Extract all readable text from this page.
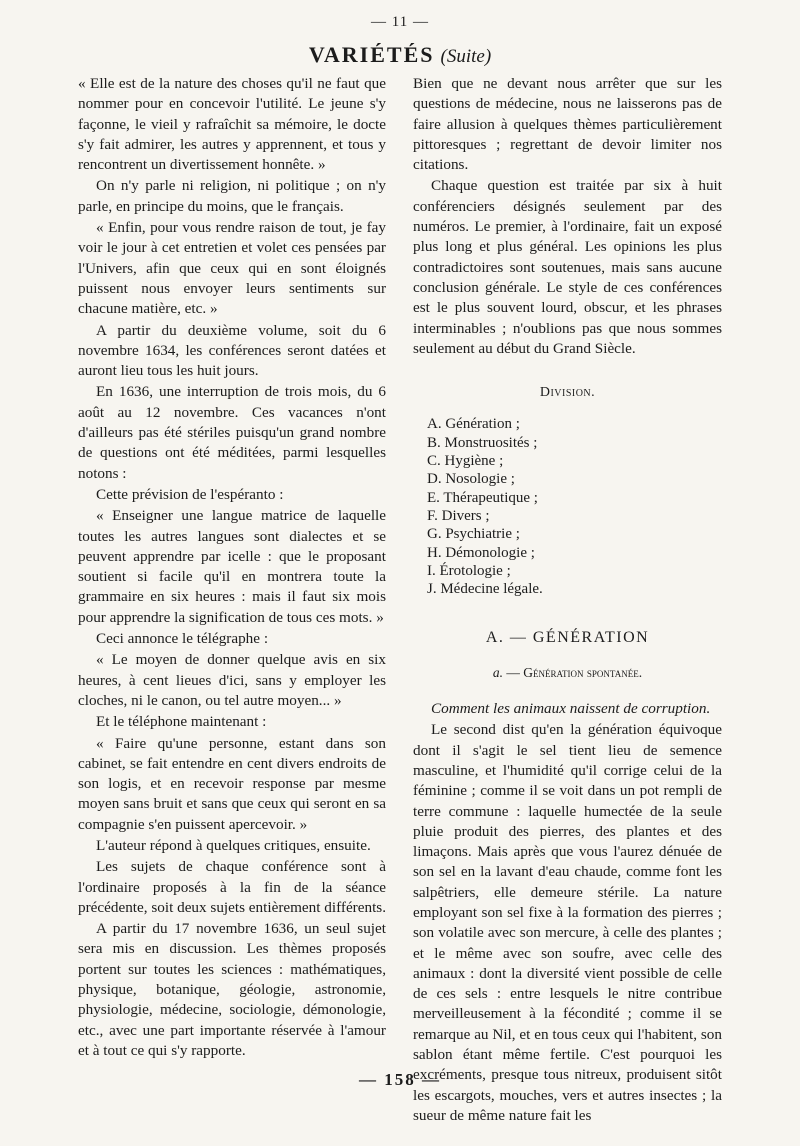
— 11 —
VARIÉTÉS (Suite)

« Elle est de la nature des choses qu'il ne faut que nommer pour en concevoir l'utilité. Le jeune s'y façonne, le vieil y rafraîchit sa mémoire, le docte s'y fait admirer, les autres y apprennent, et tous y rencontrent un divertissement honnête. »

On n'y parle ni religion, ni politique ; on n'y parle, en principe du moins, que le français.

« Enfin, pour vous rendre raison de tout, je fay voir le jour à cet entretien et volet ces pensées par l'Univers, afin que ceux qui en sont éloignés puissent nous envoyer leurs sentiments sur chacune matière, etc. »

A partir du deuxième volume, soit du 6 novembre 1634, les conférences seront datées et auront lieu tous les huit jours.

En 1636, une interruption de trois mois, du 6 août au 12 novembre. Ces vacances n'ont d'ailleurs pas été stériles puisqu'un grand nombre de questions ont été méditées, parmi lesquelles notons :

Cette prévision de l'espéranto :

« Enseigner une langue matrice de laquelle toutes les autres langues sont dialectes et se peuvent apprendre par icelle : que le proposant soutient si facile qu'il en montrera toute la grammaire en six heures : mais il faut six mois pour apprendre la signification de tous ces mots. »

Ceci annonce le télégraphe :

« Le moyen de donner quelque avis en six heures, à cent lieues d'ici, sans y employer les cloches, ni le canon, ou tel autre moyen... »

Et le téléphone maintenant :

« Faire qu'une personne, estant dans son cabinet, se fait entendre en cent divers endroits de son logis, et en recevoir response par mesme moyen sans bruit et sans que ceux qui seront en sa compagnie s'en puissent apercevoir. »

L'auteur répond à quelques critiques, ensuite.

Les sujets de chaque conférence sont à l'ordinaire proposés à la fin de la séance précédente, soit deux sujets entièrement différents.

A partir du 17 novembre 1636, un seul sujet sera mis en discussion. Les thèmes proposés portent sur toutes les sciences : mathématiques, physique, botanique, géologie, astronomie, physiologie, médecine, sociologie, démonologie, etc., avec une part importante réservée à l'amour et à tout ce qui s'y rapporte.

Bien que ne devant nous arrêter que sur les questions de médecine, nous ne laisserons pas de faire allusion à quelques thèmes particulièrement pittoresques ; regrettant de devoir limiter nos citations.

Chaque question est traitée par six à huit conférenciers désignés seulement par des numéros. Le premier, à l'ordinaire, fait un exposé plus long et plus général. Les opinions les plus contradictoires sont soutenues, mais sans aucune conclusion générale. Le style de ces conférences est le plus souvent lourd, obscur, et les phrases interminables ; n'oublions pas que nous sommes seulement au début du Grand Siècle.

Division.
A. Génération ;
B. Monstruosités ;
C. Hygiène ;
D. Nosologie ;
E. Thérapeutique ;
F. Divers ;
G. Psychiatrie ;
H. Démonologie ;
I. Érotologie ;
J. Médecine légale.
A. — GÉNÉRATION
a. — Génération spontanée.

Comment les animaux naissent de corruption.

Le second dist qu'en la génération équivoque dont il s'agit le sel tient lieu de semence masculine, et l'humidité qu'il corrige celui de la féminine ; comme il se voit dans un pot rempli de terre commune : laquelle humectée de la seule pluie produit des pierres, des plantes et des limaçons. Mais après que vous l'aurez dénuée de son sel en la lavant d'eau chaude, comme font les salpêtriers, elle demeure stérile. La nature employant son sel fixe à la formation des pierres ; son volatile avec son mercure, à celle des plantes ; et le même avec son soufre, avec celle des animaux : dont la diversité vient possible de celle de ces sels : entre lesquels le nitre contribue merveilleusement à la fécondité ; comme il se remarque au Nil, et en tous ceux qui l'habitent, son sablon étant même fertile. C'est pourquoi les excréments, presque tous nitreux, produisent sitôt les escargots, mouches, vers et autres insectes ; la sueur de même nature fait les

— 158 —
